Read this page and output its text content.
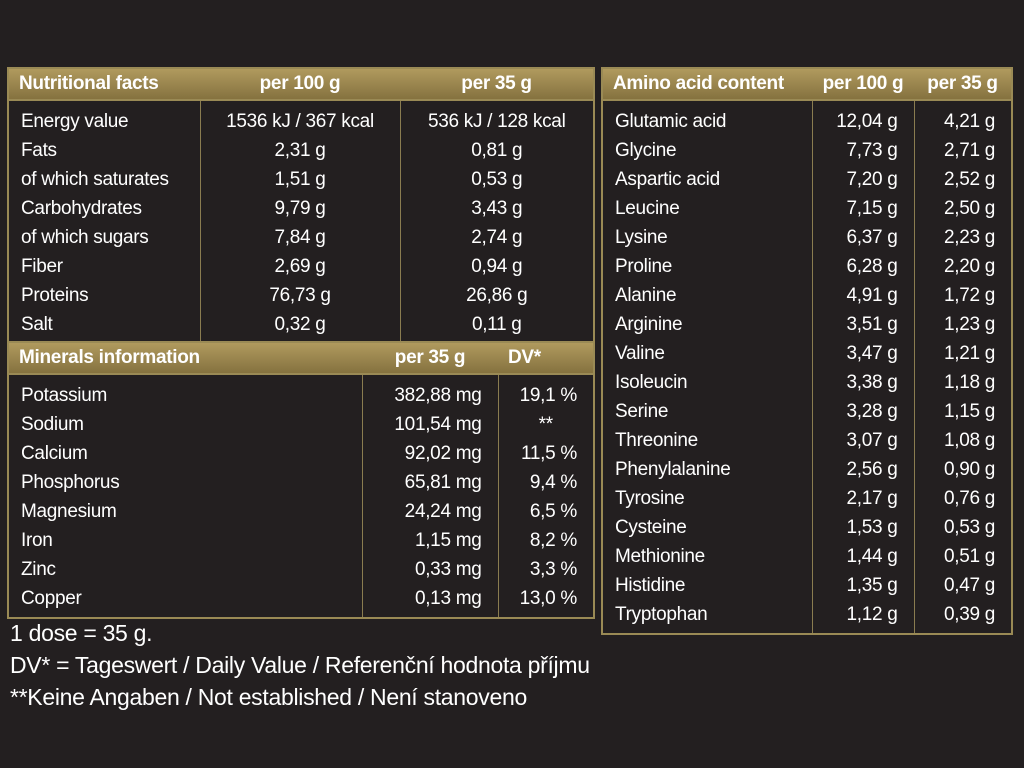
Nutritional facts	per 100 g	per 35 g
Energy value	1536 kJ / 367 kcal	536 kJ / 128 kcal
Fats	2,31 g	0,81 g
of which saturates	1,51 g	0,53 g
Carbohydrates	9,79 g	3,43 g
of which sugars	7,84 g	2,74 g
Fiber	2,69 g	0,94 g
Proteins	76,73 g	26,86 g
Salt	0,32 g	0,11 g
Minerals information	per 35 g	DV*
Potassium	382,88 mg	19,1 %
Sodium	101,54 mg	**
Calcium	92,02 mg	11,5 %
Phosphorus	65,81 mg	9,4 %
Magnesium	24,24 mg	6,5 %
Iron	1,15 mg	8,2 %
Zinc	0,33 mg	3,3 %
Copper	0,13 mg	13,0 %
Amino acid content	per 100 g	per 35 g
Glutamic acid	12,04 g	4,21 g
Glycine	7,73 g	2,71 g
Aspartic acid	7,20 g	2,52 g
Leucine	7,15 g	2,50 g
Lysine	6,37 g	2,23 g
Proline	6,28 g	2,20 g
Alanine	4,91 g	1,72 g
Arginine	3,51 g	1,23 g
Valine	3,47 g	1,21 g
Isoleucin	3,38 g	1,18 g
Serine	3,28 g	1,15 g
Threonine	3,07 g	1,08 g
Phenylalanine	2,56 g	0,90 g
Tyrosine	2,17 g	0,76 g
Cysteine	1,53 g	0,53 g
Methionine	1,44 g	0,51 g
Histidine	1,35 g	0,47 g
Tryptophan	1,12 g	0,39 g
1 dose = 35 g.
DV* = Tageswert / Daily Value / Referenční hodnota příjmu
**Keine Angaben / Not established / Není stanoveno
